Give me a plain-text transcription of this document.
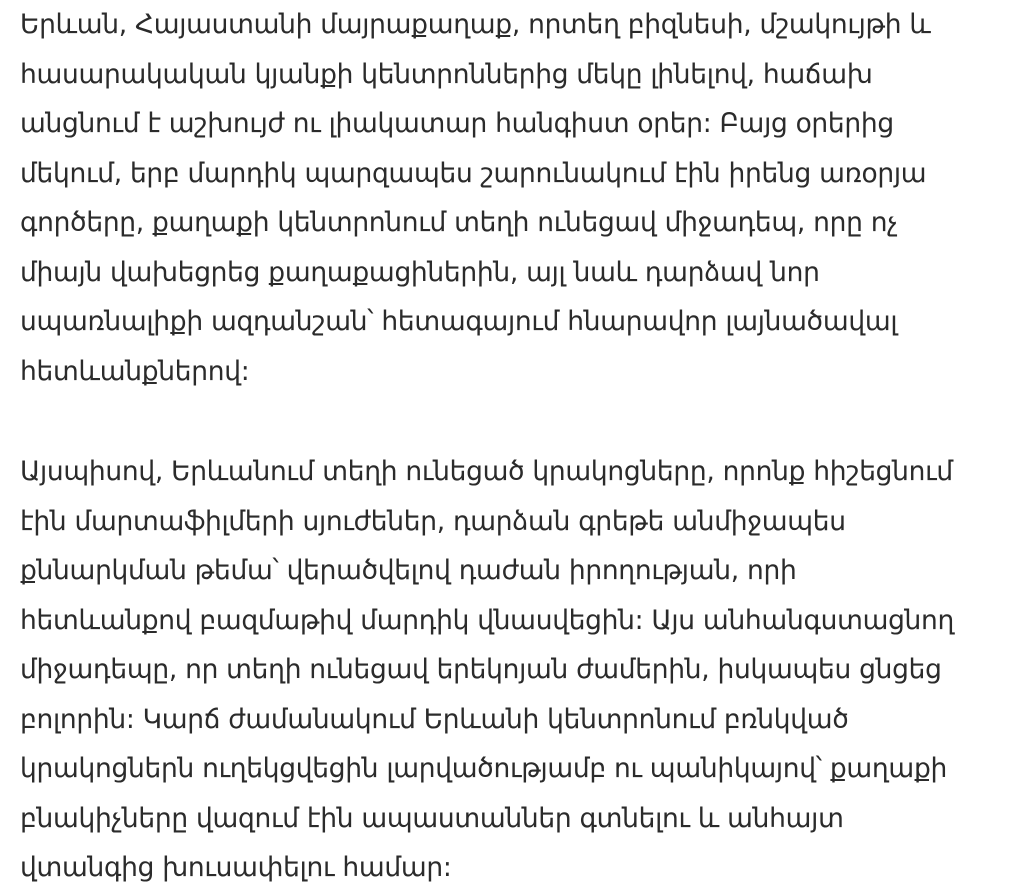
Երևան, Հայաստանի մայրաքաղաք, որտեղ բիզնեսի, մշակույթի և
հասարակական կյանքի կենտրոններից մեկը լինելով, հաճախ
անցնում է աշխույժ ու լիակատար հանգիստ օրեր: Բայց օրերից
մեկում, երբ մարդիկ պարզապես շարունակում էին իրենց առօրյա
գործերը, քաղաքի կենտրոնում տեղի ունեցավ միջադեպ, որը ոչ
միայն վախեցրեց քաղաքացիներին, այլ նաև դարձավ նոր
սպառնալիքի ազդանշան՝ հետագայում հնարավոր լայնածավալ
հետևանքներով:
Այսպիսով, Երևանում տեղի ունեցած կրակոցները, որոնք հիշեցնում
էին մարտաֆիլմերի սյուժեներ, դարձան գրեթե անմիջապես
քննարկման թեմա՝ վերածվելով դաժան իրողության, որի
հետևանքով բազմաթիվ մարդիկ վնասվեցին: Այս անհանգստացնող
միջադեպը, որ տեղի ունեցավ երեկոյան ժամերին, իսկապես ցնցեց
բոլորին: Կարճ ժամանակում Երևանի կենտրոնում բռնկված
կրակոցներն ուղեկցվեցին լարվածությամբ ու պանիկայով՝ քաղաքի
բնակիչները վազում էին ապաստաններ գտնելու և անհայտ
վտանգից խուսափելու համար:
